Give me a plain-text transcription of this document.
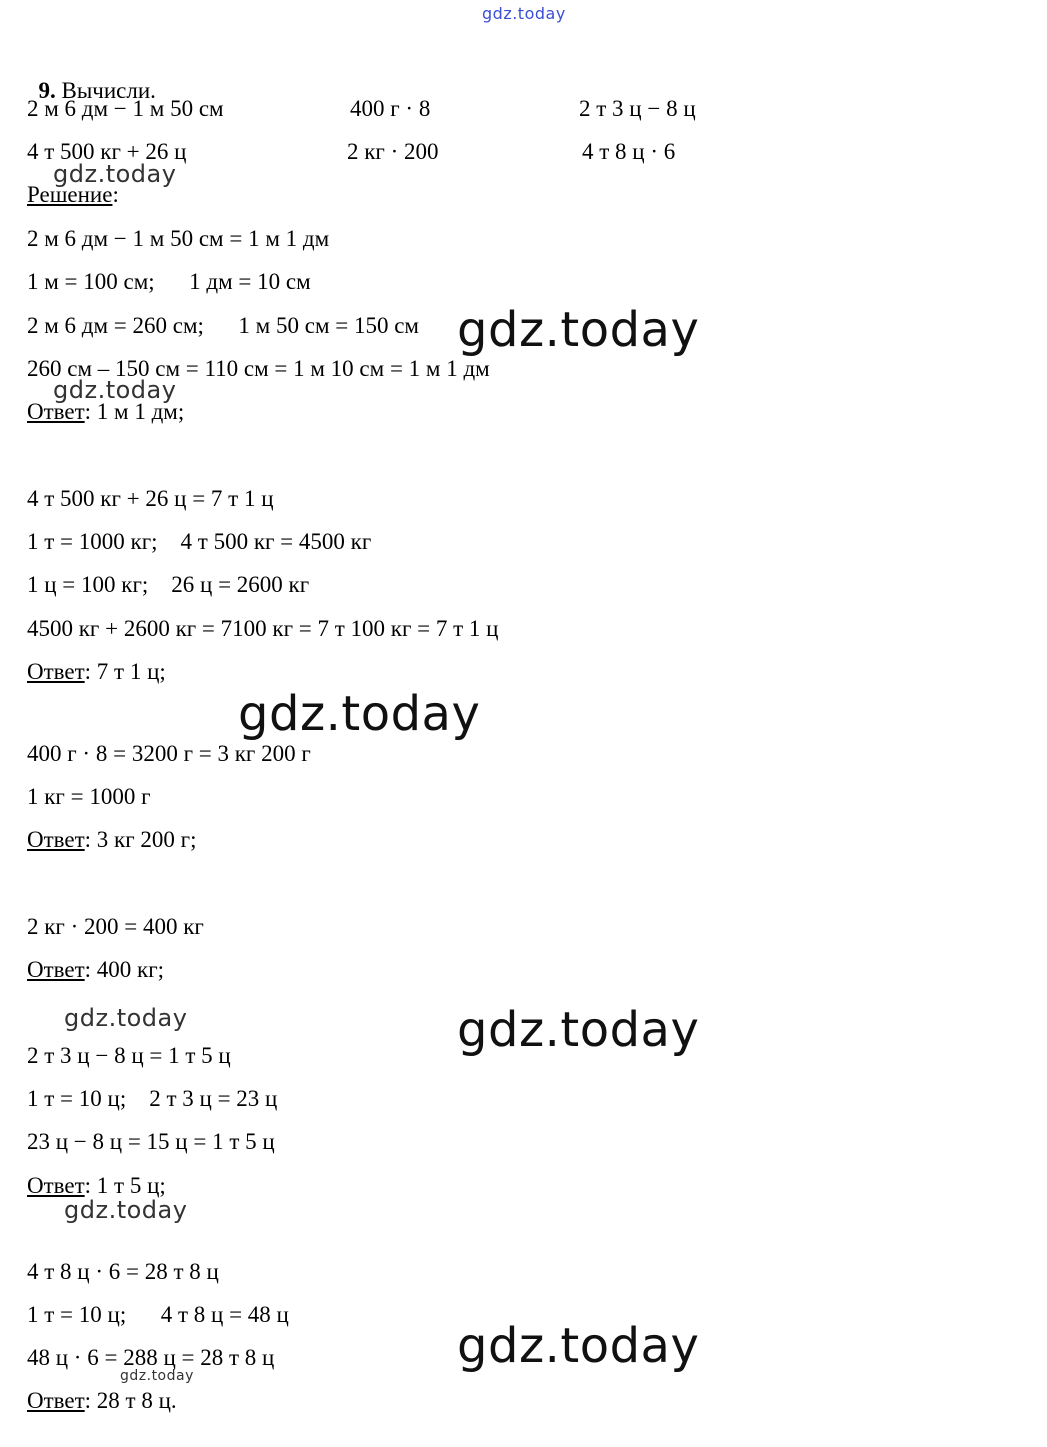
gdz.today
gdz.today
gdz.today
gdz.today
gdz.today
gdz.today	gdz.today
gdz.today
gdz.today
gdz.today

9. Вычисли.

2 м 6 дм − 1 м 50 см	400 г · 8	2 т 3 ц − 8 ц
4 т 500 кг + 26 ц	2 кг · 200	4 т 8 ц · 6
Решение:
2 м 6 дм − 1 м 50 см = 1 м 1 дм
1 м = 100 см;      1 дм = 10 см
2 м 6 дм = 260 см;      1 м 50 см = 150 см
260 см – 150 см = 110 см = 1 м 10 см = 1 м 1 дм
Ответ: 1 м 1 дм;
4 т 500 кг + 26 ц = 7 т 1 ц
1 т = 1000 кг;    4 т 500 кг = 4500 кг
1 ц = 100 кг;    26 ц = 2600 кг
4500 кг + 2600 кг = 7100 кг = 7 т 100 кг = 7 т 1 ц
Ответ: 7 т 1 ц;
400 г · 8 = 3200 г = 3 кг 200 г
1 кг = 1000 г
Ответ: 3 кг 200 г;
2 кг · 200 = 400 кг
Ответ: 400 кг;
2 т 3 ц − 8 ц = 1 т 5 ц
1 т = 10 ц;    2 т 3 ц = 23 ц
23 ц − 8 ц = 15 ц = 1 т 5 ц
Ответ: 1 т 5 ц;
4 т 8 ц · 6 = 28 т 8 ц
1 т = 10 ц;      4 т 8 ц = 48 ц
48 ц · 6 = 288 ц = 28 т 8 ц
Ответ: 28 т 8 ц.
